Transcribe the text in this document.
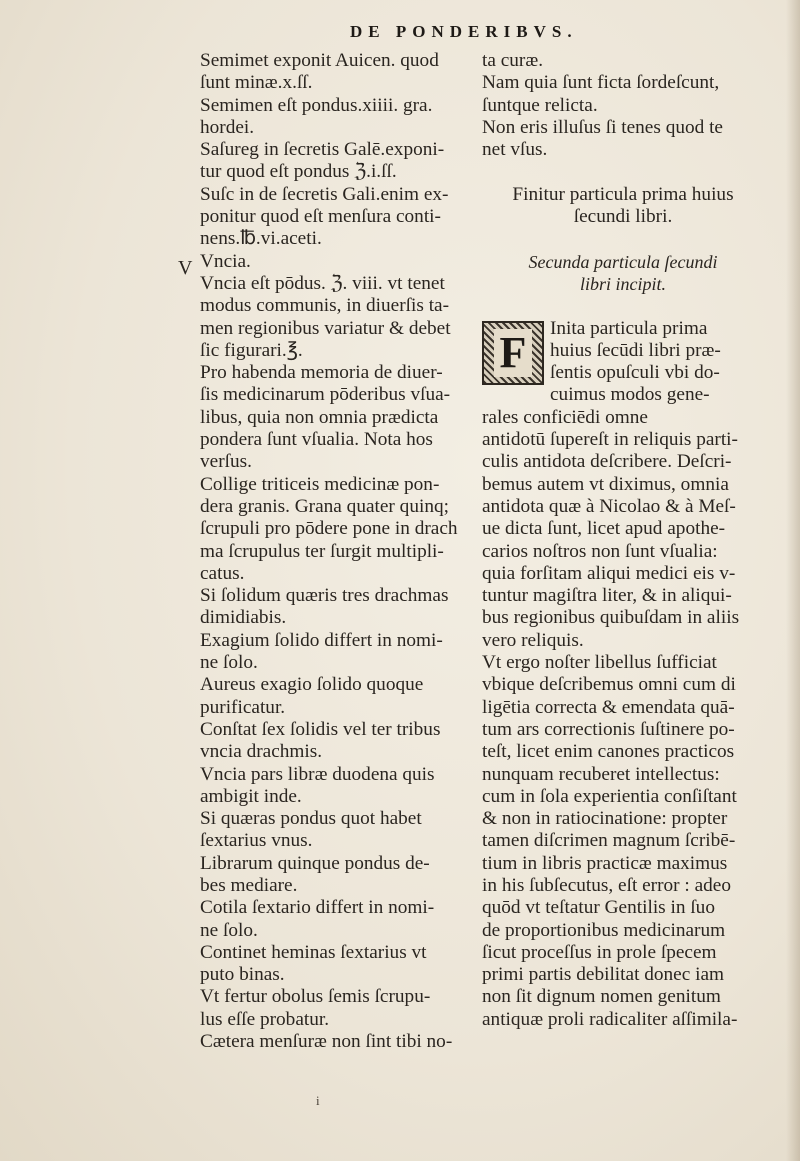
DE PONDERIBVS.
V
Semimet exponit Auicen. quod
ſunt minæ.x.ſſ.
Semimen eſt pondus.xiiii. gra.
hordei.
Saſureg in ſecretis Galē.exponi-
tur quod eſt pondus ℨ.i.ſſ.
Suſc in de ſecretis Gali.enim ex-
ponitur quod eſt menſura conti-
nens.℔.vi.aceti.
Vncia.
Vncia eſt pōdus. ℨ. viii. vt tenet
modus communis, in diuerſis ta-
men regionibus variatur & debet
ſic figurari.℥.
Pro habenda memoria de diuer-
ſis medicinarum pōderibus vſua-
libus, quia non omnia prædicta
pondera ſunt vſualia. Nota hos
verſus.
Collige triticeis medicinæ pon-
dera granis. Grana quater quinq;
ſcrupuli pro pōdere pone in drach
ma ſcrupulus ter ſurgit multipli-
catus.
Si ſolidum quæris tres drachmas
dimidiabis.
Exagium ſolido differt in nomi-
ne ſolo.
Aureus exagio ſolido quoque
purificatur.
Conſtat ſex ſolidis vel ter tribus
vncia drachmis.
Vncia pars libræ duodena quis
ambigit inde.
Si quæras pondus quot habet
ſextarius vnus.
Librarum quinque pondus de-
bes mediare.
Cotila ſextario differt in nomi-
ne ſolo.
Continet heminas ſextarius vt
puto binas.
Vt fertur obolus ſemis ſcrupu-
lus eſſe probatur.
Cætera menſuræ non ſint tibi no-
ta curæ.
Nam quia ſunt ficta ſordeſcunt,
ſuntque relicta.
Non eris illuſus ſi tenes quod te
net vſus.
Finitur particula prima huius
ſecundi libri.
Secunda particula ſecundi
libri incipit.
F	Inita particula prima
huius ſecūdi libri præ-
ſentis opuſculi vbi do-
cuimus modos gene-
rales conficiēdi omne
antidotū ſupereſt in reliquis parti-
culis antidota deſcribere. Deſcri-
bemus autem vt diximus, omnia
antidota quæ à Nicolao & à Meſ-
ue dicta ſunt, licet apud apothe-
carios noſtros non ſunt vſualia:
quia forſitam aliqui medici eis v-
tuntur magiſtra liter, & in aliqui-
bus regionibus quibuſdam in aliis
vero reliquis.
Vt ergo noſter libellus ſufficiat
vbique deſcribemus omni cum di
ligētia correcta & emendata quā-
tum ars correctionis ſuſtinere po-
teſt, licet enim canones practicos
nunquam recuberet intellectus:
cum in ſola experientia conſiſtant
& non in ratiocinatione: propter
tamen diſcrimen magnum ſcribē-
tium in libris practicæ maximus
in his ſubſecutus, eſt error : adeo
quōd vt teſtatur Gentilis in ſuo
de proportionibus medicinarum
ſicut proceſſus in prole ſpecem
primi partis debilitat donec iam
non ſit dignum nomen genitum
antiquæ proli radicaliter aſſimila-
i
